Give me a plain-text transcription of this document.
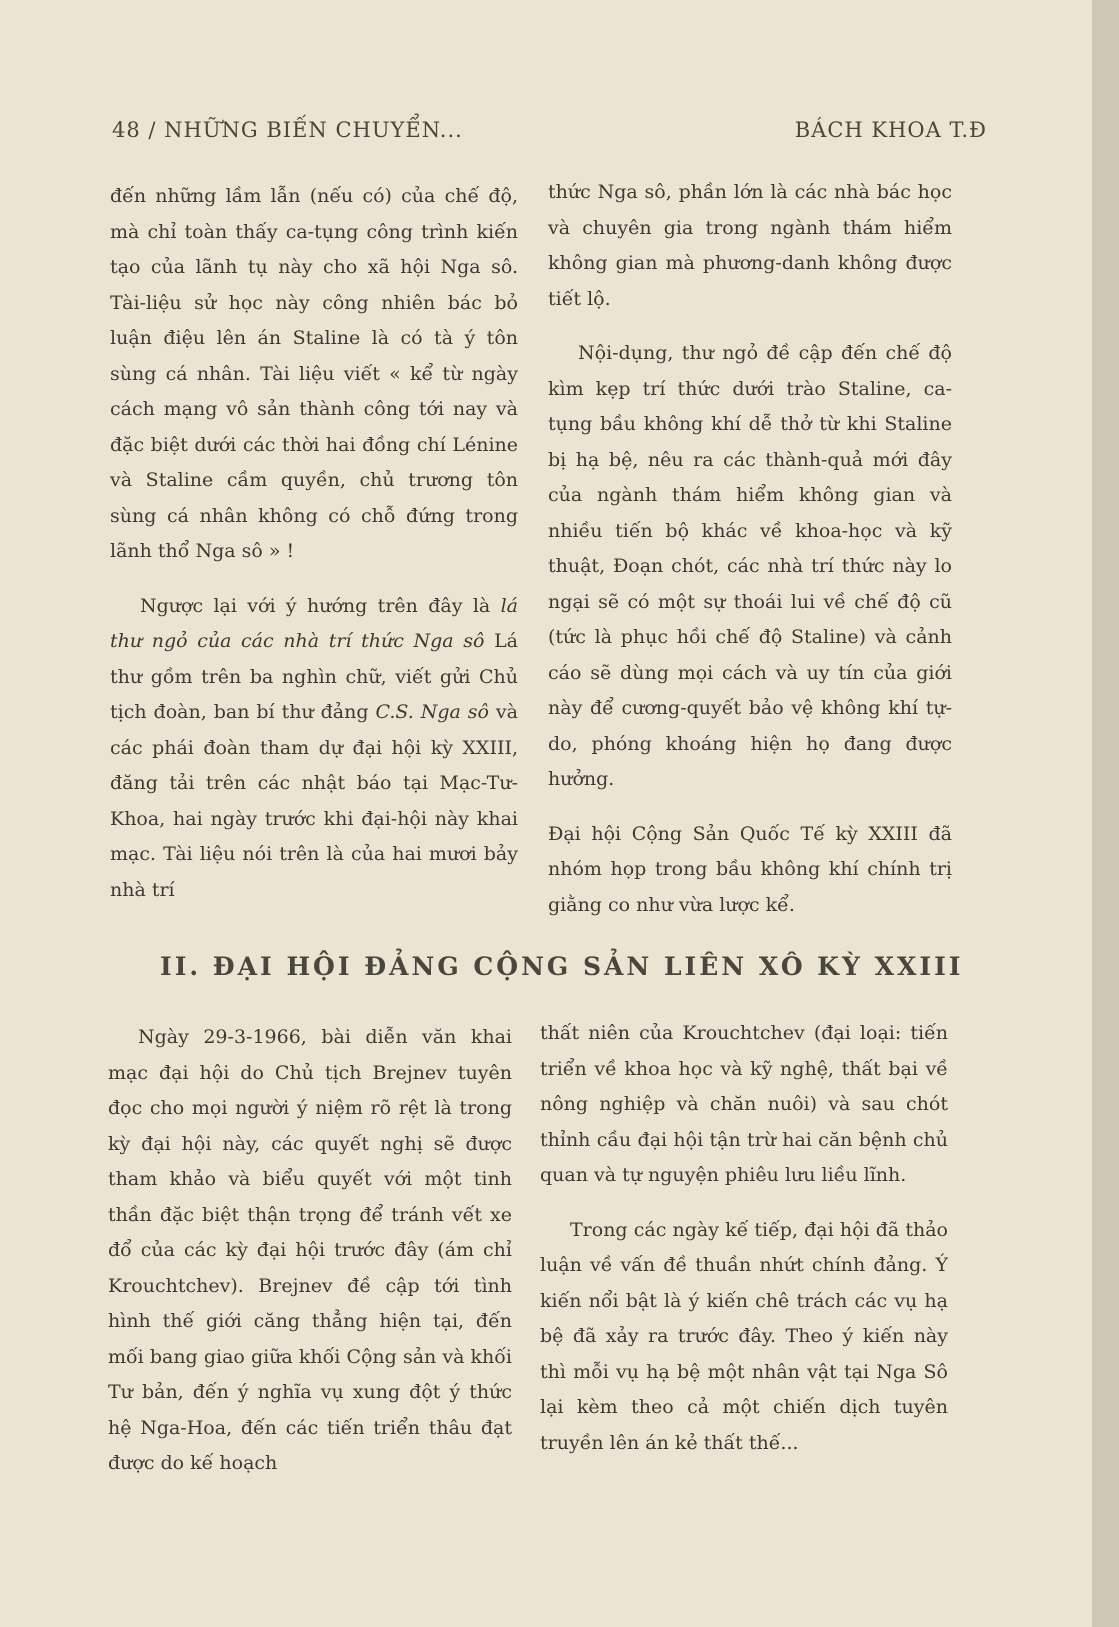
48 / NHỮNG BIẾN CHUYỂN...	BÁCH KHOA T.Đ

đến những lầm lẫn (nếu có) của chế độ, mà chỉ toàn thấy ca-tụng công trình kiến tạo của lãnh tụ này cho xã hội Nga sô. Tài-liệu sử học này công nhiên bác bỏ luận điệu lên án Staline là có tà ý tôn sùng cá nhân. Tài liệu viết « kể từ ngày cách mạng vô sản thành công tới nay và đặc biệt dưới các thời hai đồng chí Lénine và Staline cầm quyền, chủ trương tôn sùng cá nhân không có chỗ đứng trong lãnh thổ Nga sô » !

Ngược lại với ý hướng trên đây là lá thư ngỏ của các nhà trí thức Nga sô Lá thư gồm trên ba nghìn chữ, viết gửi Chủ tịch đoàn, ban bí thư đảng C.S. Nga sô và các phái đoàn tham dự đại hội kỳ XXIII, đăng tải trên các nhật báo tại Mạc-Tư-Khoa, hai ngày trước khi đại-hội này khai mạc. Tài liệu nói trên là của hai mươi bảy nhà trí

thức Nga sô, phần lớn là các nhà bác học và chuyên gia trong ngành thám hiểm không gian mà phương-danh không được tiết lộ.

Nội-dụng, thư ngỏ đề cập đến chế độ kìm kẹp trí thức dưới trào Staline, ca-tụng bầu không khí dễ thở từ khi Staline bị hạ bệ, nêu ra các thành-quả mới đây của ngành thám hiểm không gian và nhiều tiến bộ khác về khoa-học và kỹ thuật, Đoạn chót, các nhà trí thức này lo ngại sẽ có một sự thoái lui về chế độ cũ (tức là phục hồi chế độ Staline) và cảnh cáo sẽ dùng mọi cách và uy tín của giới này để cương-quyết bảo vệ không khí tự-do, phóng khoáng hiện họ đang được hưởng.

Đại hội Cộng Sản Quốc Tế kỳ XXIII đã nhóm họp trong bầu không khí chính trị giằng co như vừa lược kể.

II. ĐẠI HỘI ĐẢNG CỘNG SẢN LIÊN XÔ KỲ XXIII

Ngày 29-3-1966, bài diễn văn khai mạc đại hội do Chủ tịch Brejnev tuyên đọc cho mọi người ý niệm rõ rệt là trong kỳ đại hội này, các quyết nghị sẽ được tham khảo và biểu quyết với một tinh thần đặc biệt thận trọng để tránh vết xe đổ của các kỳ đại hội trước đây (ám chỉ Krouchtchev). Brejnev đề cập tới tình hình thế giới căng thẳng hiện tại, đến mối bang giao giữa khối Cộng sản và khối Tư bản, đến ý nghĩa vụ xung đột ý thức hệ Nga-Hoa, đến các tiến triển thâu đạt được do kế hoạch

thất niên của Krouchtchev (đại loại: tiến triển về khoa học và kỹ nghệ, thất bại về nông nghiệp và chăn nuôi) và sau chót thỉnh cầu đại hội tận trừ hai căn bệnh chủ quan và tự nguyện phiêu lưu liều lĩnh.

Trong các ngày kế tiếp, đại hội đã thảo luận về vấn đề thuần nhứt chính đảng. Ý kiến nổi bật là ý kiến chê trách các vụ hạ bệ đã xảy ra trước đây. Theo ý kiến này thì mỗi vụ hạ bệ một nhân vật tại Nga Sô lại kèm theo cả một chiến dịch tuyên truyền lên án kẻ thất thế...
